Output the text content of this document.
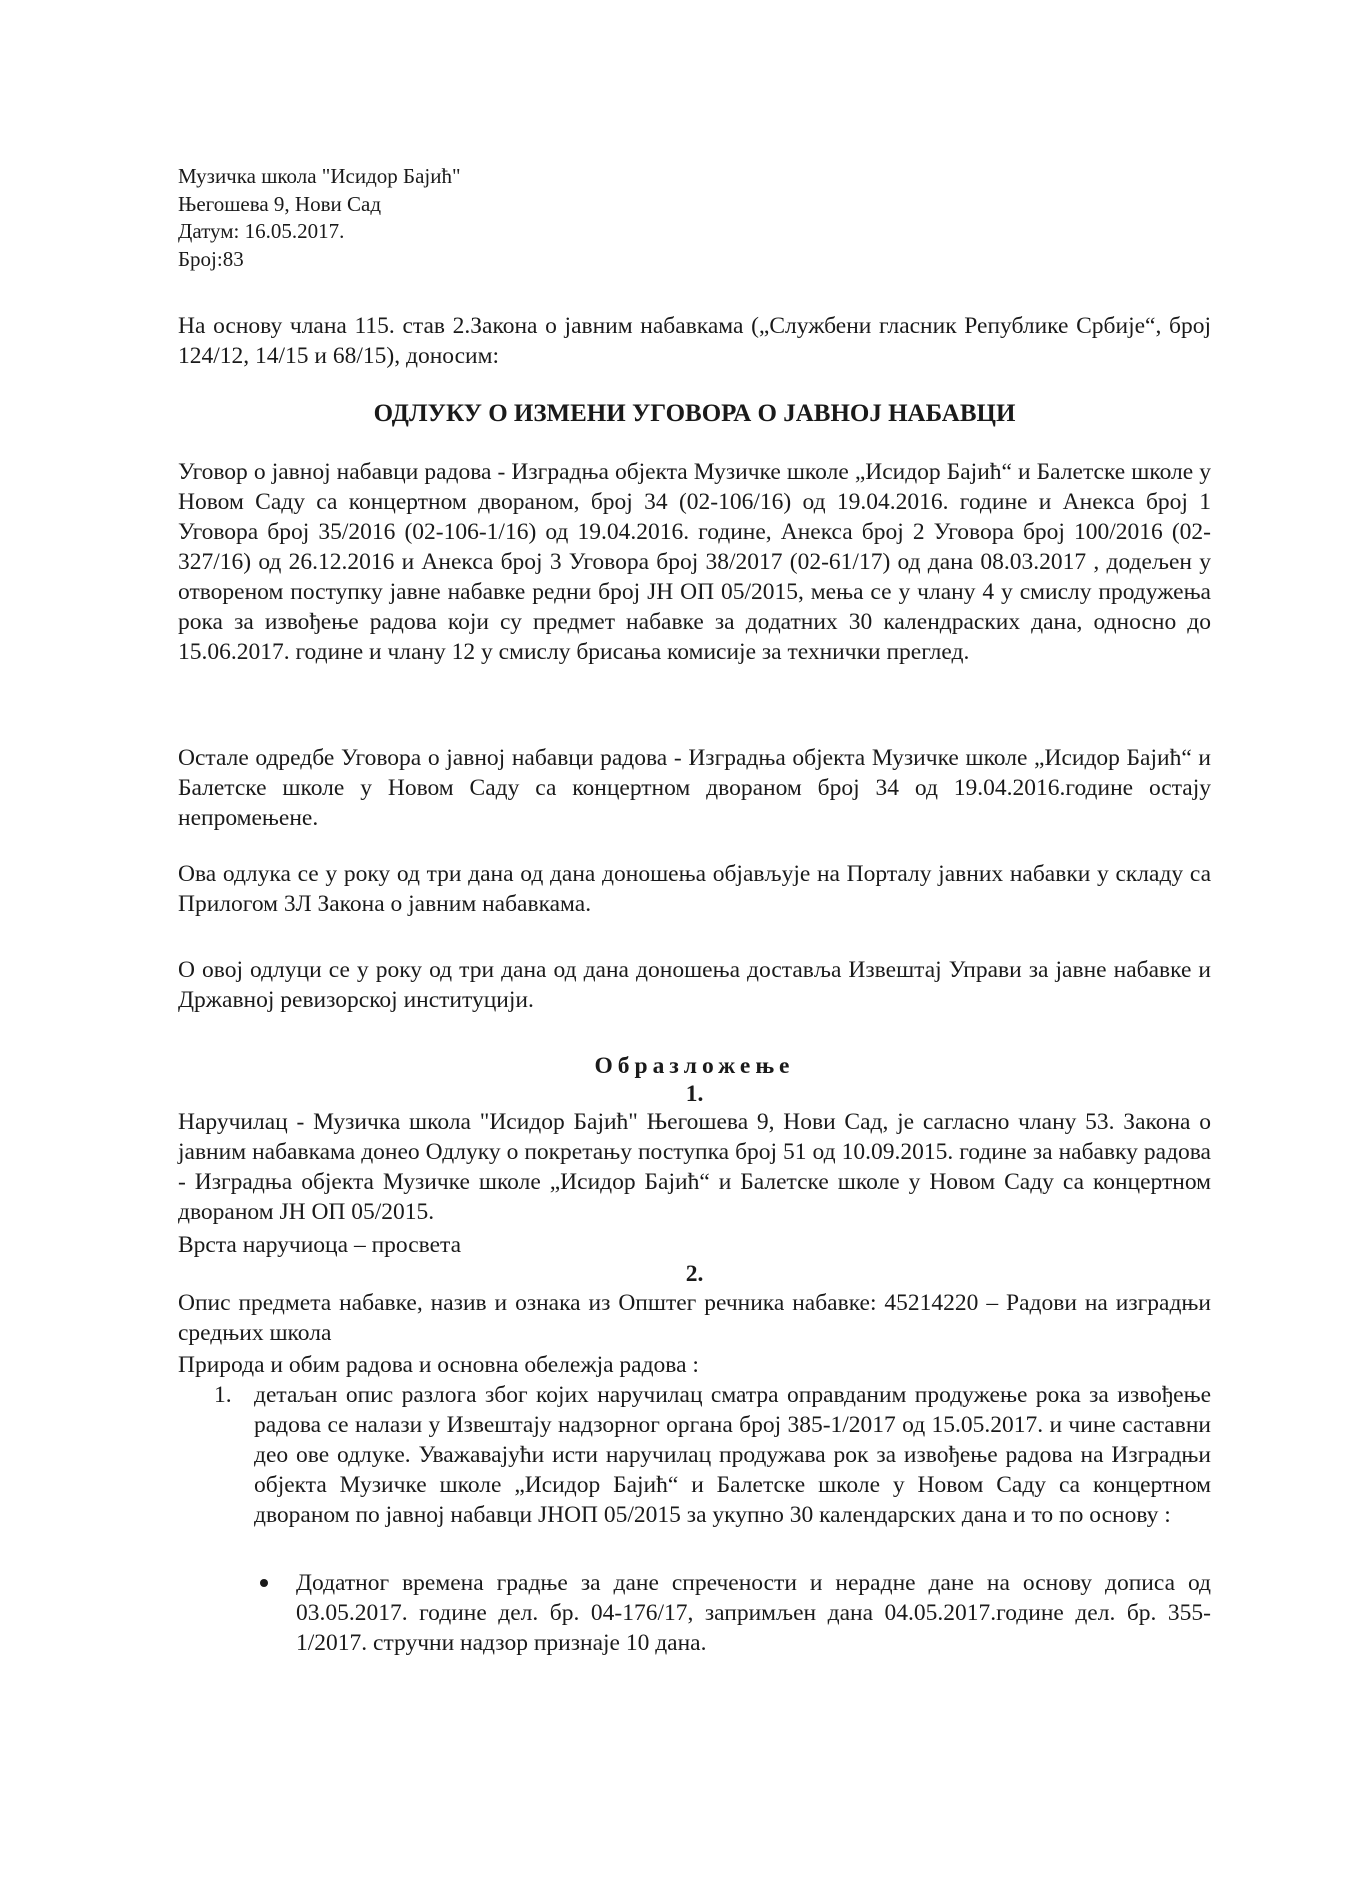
Музичка школа "Исидор Бајић"
Његошева 9, Нови Сад
Датум: 16.05.2017.
Број:83
На основу члана 115. став 2.Закона о јавним набавкама („Службени гласник Републике Србије“, број 124/12, 14/15 и 68/15), доносим:
ОДЛУКУ О ИЗМЕНИ УГОВОРА О ЈАВНОЈ НАБАВЦИ
Уговор о јавној набавци радова - Изградња објекта Музичке школе „Исидор Бајић“ и Балетске школе у Новом Саду са концертном двораном, број 34 (02-106/16) од 19.04.2016. године и Анекса број 1 Уговора број 35/2016 (02-106-1/16) од 19.04.2016. године, Анекса број 2 Уговора број 100/2016 (02-327/16) од 26.12.2016 и Анекса број 3 Уговора број 38/2017 (02-61/17) од дана 08.03.2017 , додељен у отвореном поступку јавне набавке редни број ЈН ОП 05/2015, мења се у члану 4 у смислу продужења рока за извођење радова који су предмет набавке за додатних 30 календраских дана, односно до 15.06.2017. године и члану 12 у смислу брисања комисије за технички преглед.
Остале одредбе Уговора о јавној набавци радова - Изградња објекта Музичке школе „Исидор Бајић“ и Балетске школе у Новом Саду са концертном двораном број 34 од 19.04.2016.године остају непромењене.
Ова одлука се у року од три дана од дана доношења објављује на Порталу јавних набавки у складу са Прилогом 3Л Закона о јавним набавкама.
О овој одлуци се у року од три дана од дана доношења доставља Извештај Управи за јавне набавке и Државној ревизорској институцији.
Образложење
1.
Наручилац - Музичка школа "Исидор Бајић" Његошева 9, Нови Сад, је сагласно члану 53. Закона о јавним набавкама донео Одлуку о покретању поступка број 51 од 10.09.2015. године за набавку радова - Изградња објекта Музичке школе „Исидор Бајић“ и Балетске школе у Новом Саду са концертном двораном ЈН ОП 05/2015.
Врста наручиоца – просвета
2.
Опис предмета набавке, назив и ознака из Општег речника набавке: 45214220 – Радови на изградњи средњих школа
Природа и обим радова и основна обележја радова :
1. детаљан опис разлога због којих наручилац сматра оправданим продужење рока за извођење радова се налази у Извештају надзорног органа број 385-1/2017 од 15.05.2017. и чине саставни део ове одлуке. Уважавајући исти наручилац продужава рок за извођење радова на Изградњи објекта Музичке школе „Исидор Бајић“ и Балетске школе у Новом Саду са концертном двораном по јавној набавци ЈНОП 05/2015 за укупно 30 календарских дана и то по основу :
Додатног времена градње за дане спречености и нерадне дане на основу дописа од 03.05.2017. године дел. бр. 04-176/17, запримљен дана 04.05.2017.године дел. бр. 355-1/2017. стручни надзор признаје 10 дана.
